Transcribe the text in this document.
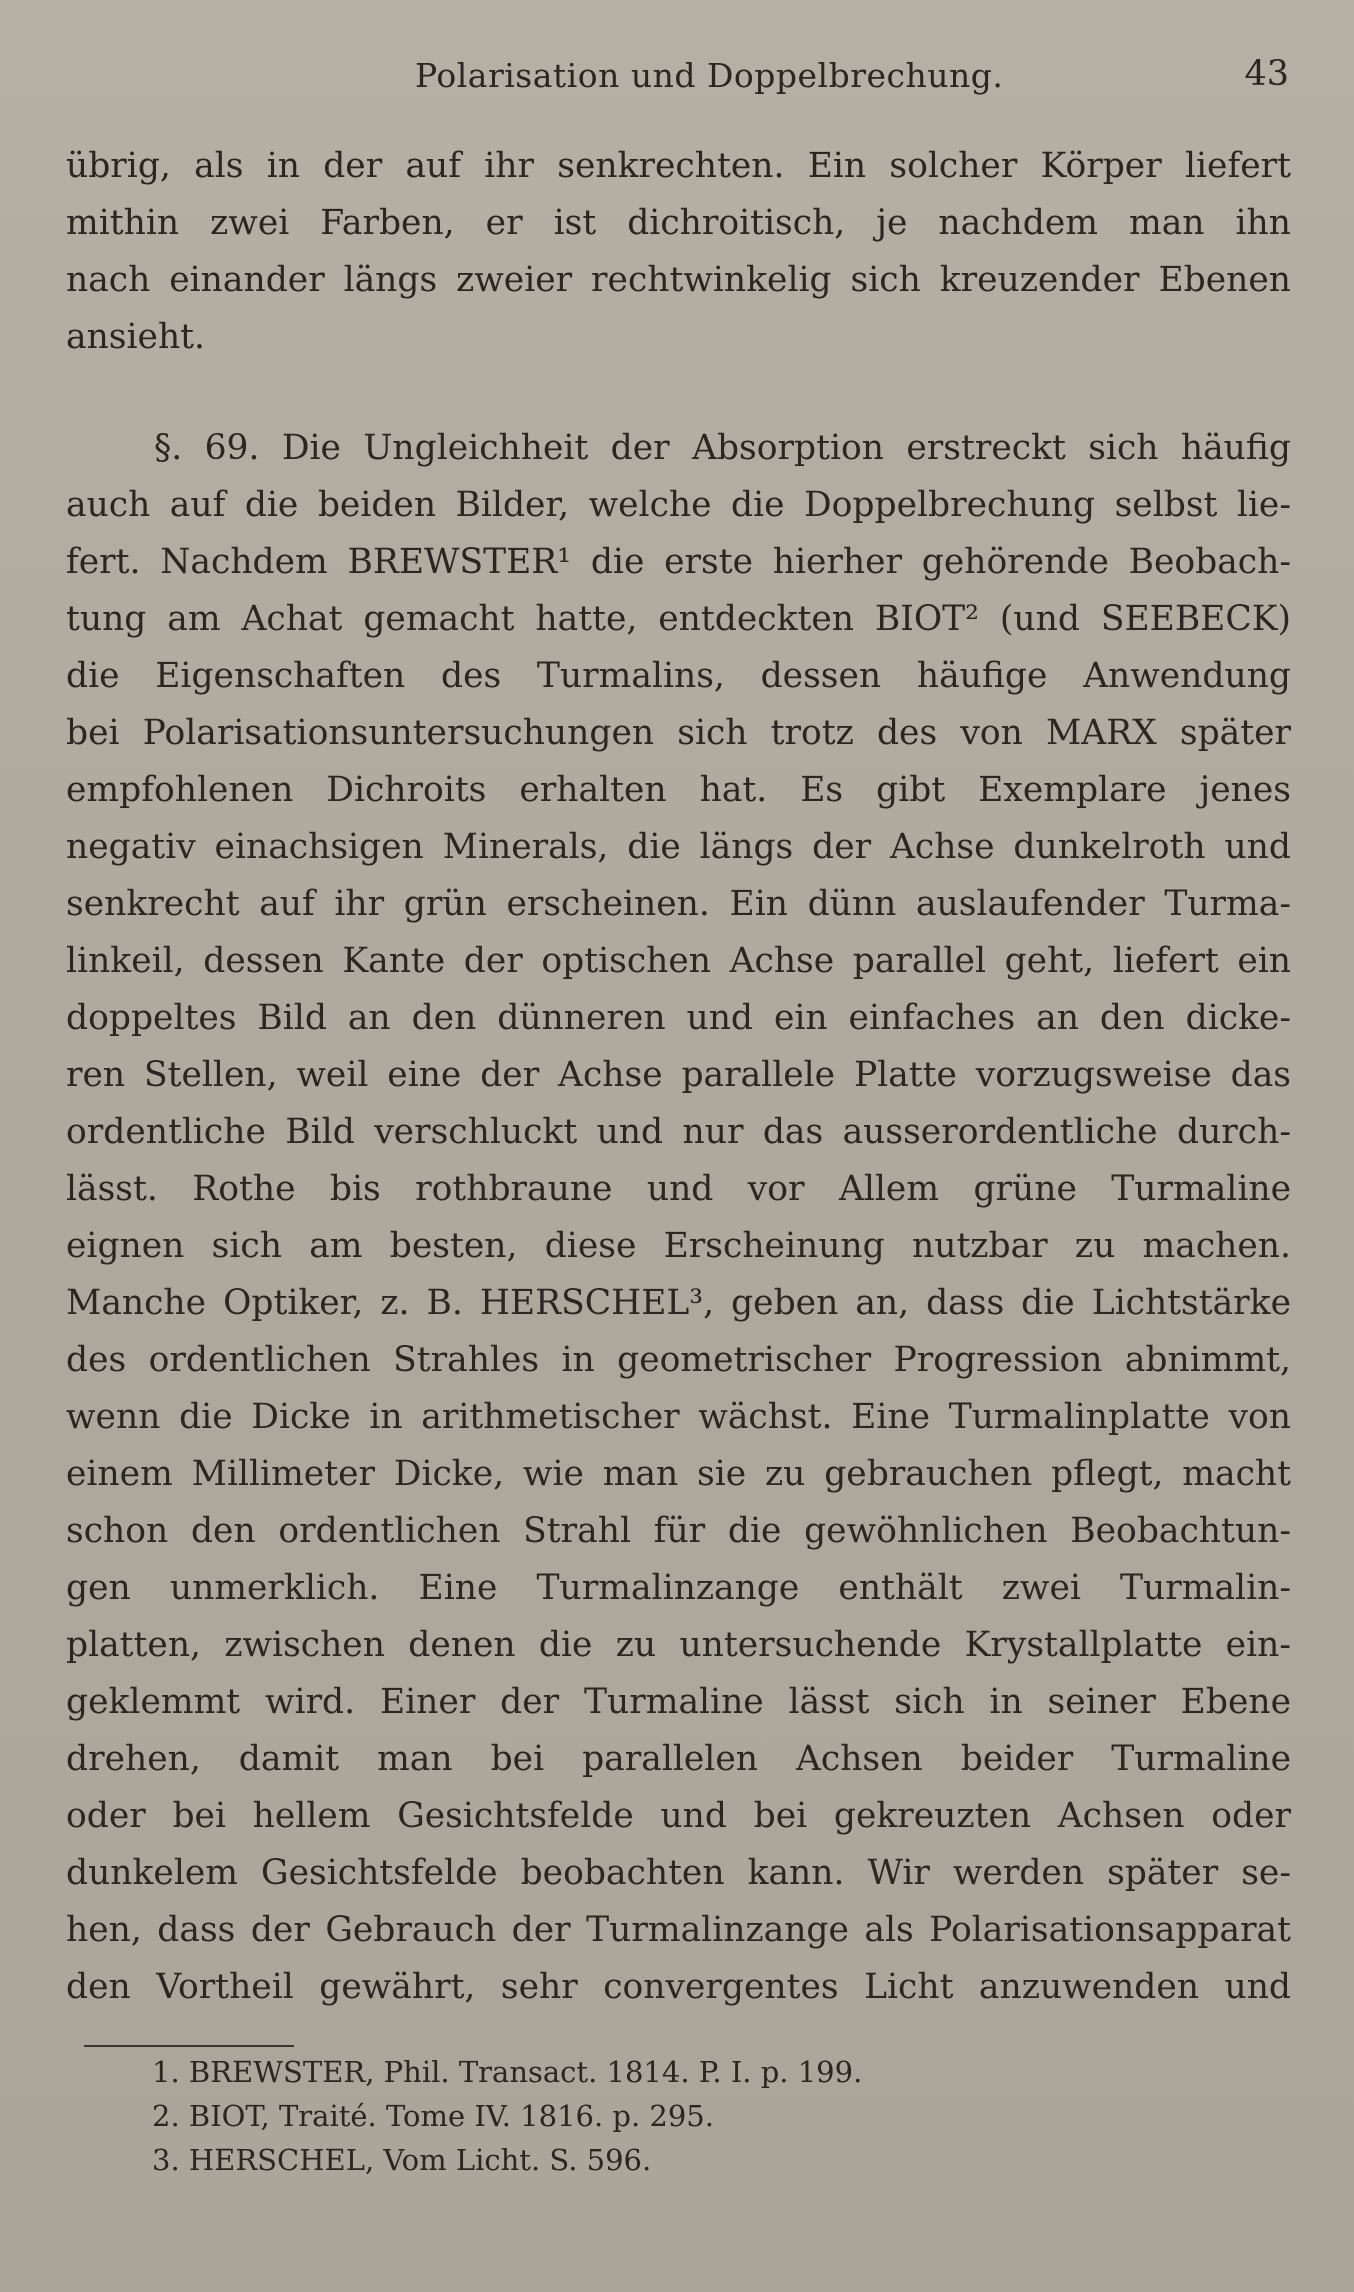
Polarisation und Doppelbrechung.	43
übrig, als in der auf ihr senkrechten. Ein solcher Körper liefert
mithin zwei Farben, er ist dichroitisch, je nachdem man ihn
nach einander längs zweier rechtwinkelig sich kreuzender Ebenen
ansieht.
§. 69. Die Ungleichheit der Absorption erstreckt sich häufig
auch auf die beiden Bilder, welche die Doppelbrechung selbst lie-
fert. Nachdem BREWSTER¹ die erste hierher gehörende Beobach-
tung am Achat gemacht hatte, entdeckten BIOT² (und SEEBECK)
die Eigenschaften des Turmalins, dessen häufige Anwendung
bei Polarisationsuntersuchungen sich trotz des von MARX später
empfohlenen Dichroits erhalten hat. Es gibt Exemplare jenes
negativ einachsigen Minerals, die längs der Achse dunkelroth und
senkrecht auf ihr grün erscheinen. Ein dünn auslaufender Turma-
linkeil, dessen Kante der optischen Achse parallel geht, liefert ein
doppeltes Bild an den dünneren und ein einfaches an den dicke-
ren Stellen, weil eine der Achse parallele Platte vorzugsweise das
ordentliche Bild verschluckt und nur das ausserordentliche durch-
lässt. Rothe bis rothbraune und vor Allem grüne Turmaline
eignen sich am besten, diese Erscheinung nutzbar zu machen.
Manche Optiker, z. B. HERSCHEL³, geben an, dass die Lichtstärke
des ordentlichen Strahles in geometrischer Progression abnimmt,
wenn die Dicke in arithmetischer wächst. Eine Turmalinplatte von
einem Millimeter Dicke, wie man sie zu gebrauchen pflegt, macht
schon den ordentlichen Strahl für die gewöhnlichen Beobachtun-
gen unmerklich. Eine Turmalinzange enthält zwei Turmalin-
platten, zwischen denen die zu untersuchende Krystallplatte ein-
geklemmt wird. Einer der Turmaline lässt sich in seiner Ebene
drehen, damit man bei parallelen Achsen beider Turmaline
oder bei hellem Gesichtsfelde und bei gekreuzten Achsen oder
dunkelem Gesichtsfelde beobachten kann. Wir werden später se-
hen, dass der Gebrauch der Turmalinzange als Polarisationsapparat
den Vortheil gewährt, sehr convergentes Licht anzuwenden und
1. BREWSTER, Phil. Transact. 1814. P. I. p. 199.
2. BIOT, Traité. Tome IV. 1816. p. 295.
3. HERSCHEL, Vom Licht. S. 596.
